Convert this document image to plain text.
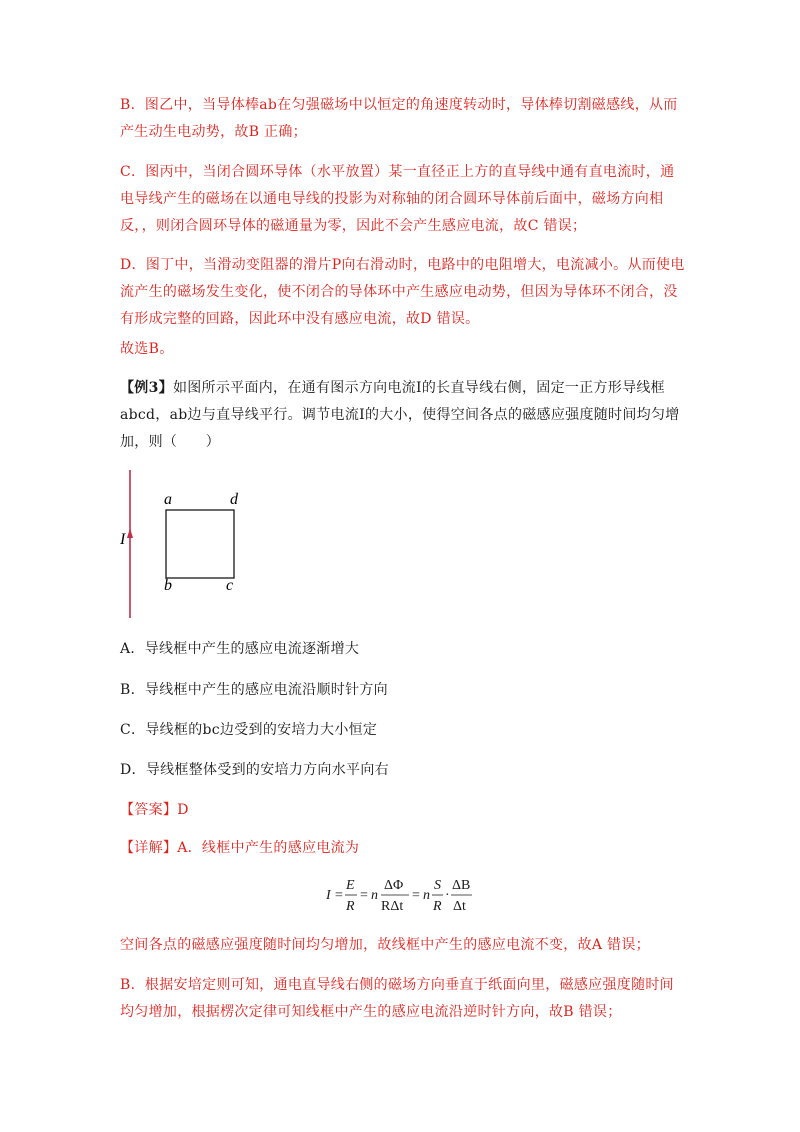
B．图乙中，当导体棒ab在匀强磁场中以恒定的角速度转动时，导体棒切割磁感线，从而产生动生电动势，故B 正确；

C．图丙中，当闭合圆环导体（水平放置）某一直径正上方的直导线中通有直电流时，通电导线产生的磁场在以通电导线的投影为对称轴的闭合圆环导体前后面中，磁场方向相反，，则闭合圆环导体的磁通量为零，因此不会产生感应电流，故C 错误；

D．图丁中，当滑动变阻器的滑片P向右滑动时，电路中的电阻增大，电流减小。从而使电流产生的磁场发生变化，使不闭合的导体环中产生感应电动势，但因为导体环不闭合，没有形成完整的回路，因此环中没有感应电流，故D 错误。

故选B。

【例3】如图所示平面内，在通有图示方向电流I的长直导线右侧，固定一正方形导线框abcd，ab边与直导线平行。调节电流I的大小，使得空间各点的磁感应强度随时间均匀增加，则（　　）

I
a	d
b	c

A．导线框中产生的感应电流逐渐增大

B．导线框中产生的感应电流沿顺时针方向

C．导线框的bc边受到的安培力大小恒定

D．导线框整体受到的安培力方向水平向右

【答案】D

【详解】A．线框中产生的感应电流为

I =
E
R
= n
ΔΦ
RΔt
= n
S
R
·
ΔB
Δt

空间各点的磁感应强度随时间均匀增加，故线框中产生的感应电流不变，故A 错误；

B．根据安培定则可知，通电直导线右侧的磁场方向垂直于纸面向里，磁感应强度随时间均匀增加，根据楞次定律可知线框中产生的感应电流沿逆时针方向，故B 错误；
